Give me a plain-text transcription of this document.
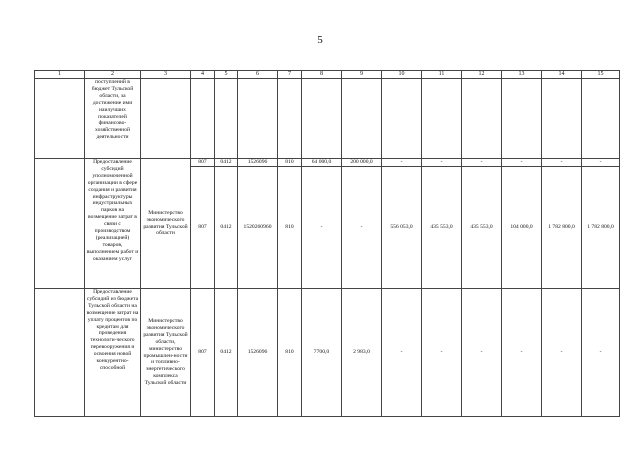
5
1	2	3	4	5	6	7	8	9	10	11	12	13	14	15
	поступлений в бюджет Тульской области, за достижение ими наилучших показателей финансово-хозяйственной деятельности													
	Предоставление субсидий уполномоченной организации в сфере создания и развития инфраструктуры индустриальных парков на возмещение затрат в связи с производством (реализацией) товаров, выполнением работ и оказанием услуг	Министерство экономического развития Тульской области	807	0412	1526096	810	64 000,0	200 000,0	-	-	-	-	-	-
			807	0412	1520260960	810	-	-	556 053,0	435 553,0	435 553,0	104 000,0	1 782 800,0	1 782 800,0
	Предоставление субсидий из бюджета Тульской области на возмещение затрат на уплату процентов по кредитам для проведения технологи-ческого перевооружения и освоения новой конкурентно-способной	Министерство экономического развития Тульской области, министерство промышлен-ности и топливно-энергетического комплекса Тульской области	807	0412	1526096	810	7700,0	2 983,0	-	-	-	-	-	-
